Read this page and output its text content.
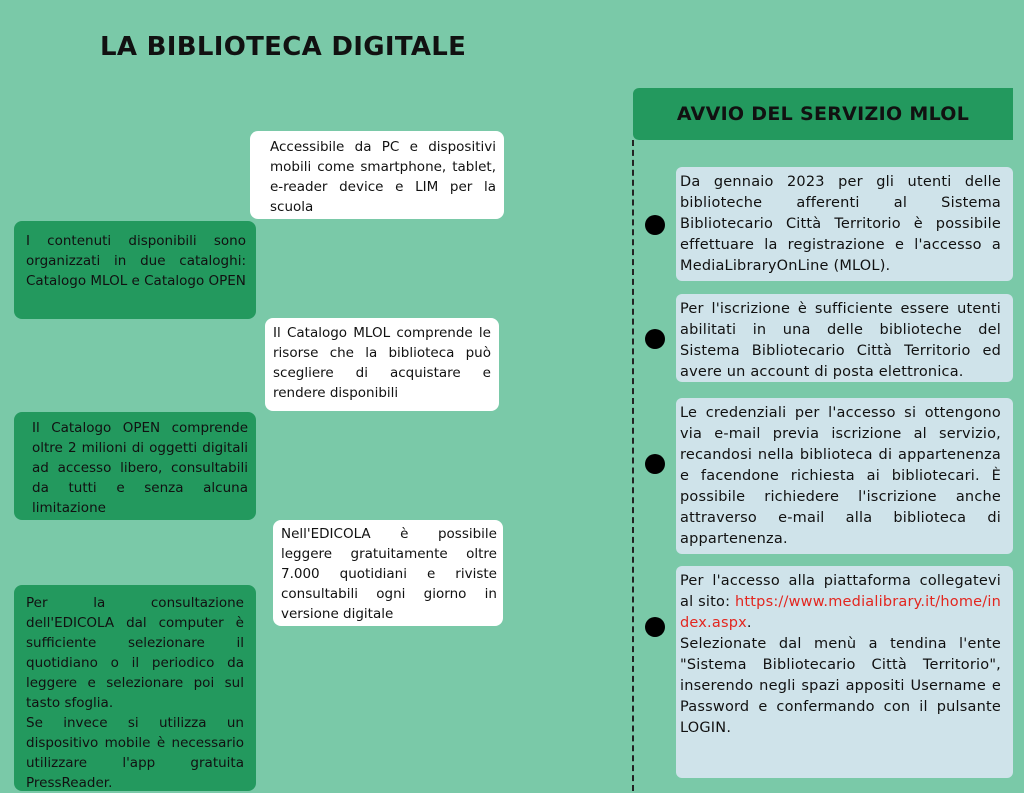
LA BIBLIOTECA DIGITALE

Accessibile da PC e dispositivi mobili come smartphone, tablet, e-reader device e LIM per la scuola

I contenuti disponibili sono organizzati in due cataloghi: Catalogo MLOL e Catalogo OPEN

Il Catalogo MLOL comprende le risorse che la biblioteca può scegliere di acquistare e rendere disponibili

Il Catalogo OPEN comprende oltre 2 milioni di oggetti digitali ad accesso libero, consultabili da tutti e senza alcuna limitazione

Nell'EDICOLA è possibile leggere gratuitamente oltre 7.000 quotidiani e riviste consultabili ogni giorno in versione digitale

Per la consultazione dell'EDICOLA dal computer è sufficiente selezionare il quotidiano o il periodico da leggere e selezionare poi sul tasto sfoglia.

Se invece si utilizza un dispositivo mobile è necessario utilizzare l'app gratuita PressReader.

AVVIO DEL SERVIZIO MLOL

Da gennaio 2023 per gli utenti delle biblioteche afferenti al Sistema Bibliotecario Città Territorio è possibile effettuare la registrazione e l'accesso a MediaLibraryOnLine (MLOL).

Per l'iscrizione è sufficiente essere utenti abilitati in una delle biblioteche del Sistema Bibliotecario Città Territorio ed avere un account di posta elettronica.

Le credenziali per l'accesso si ottengono via e-mail previa iscrizione al servizio, recandosi nella biblioteca di appartenenza e facendone richiesta ai bibliotecari. È possibile richiedere l'iscrizione anche attraverso e-mail alla biblioteca di appartenenza.

Per l'accesso alla piattaforma collegatevi al sito: https://www.medialibrary.it/home/index.aspx.

Selezionate dal menù a tendina l'ente "Sistema Bibliotecario Città Territorio", inserendo negli spazi appositi Username e Password e confermando con il pulsante LOGIN.
